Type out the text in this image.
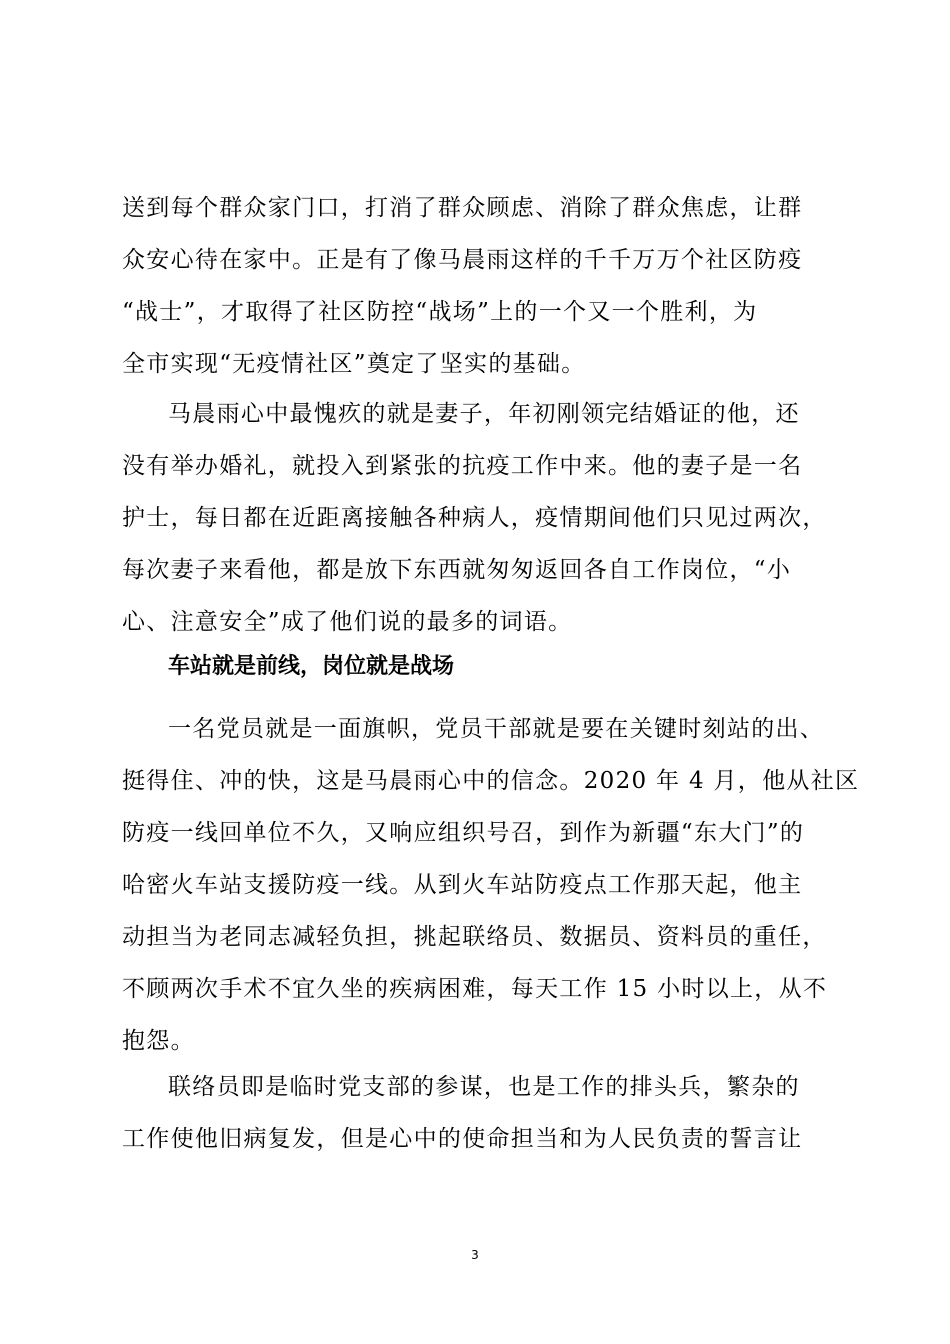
送到每个群众家门口，打消了群众顾虑、消除了群众焦虑，让群
众安心待在家中。正是有了像马晨雨这样的千千万万个社区防疫
“战士”，才取得了社区防控“战场”上的一个又一个胜利，为
全市实现“无疫情社区”奠定了坚实的基础。

马晨雨心中最愧疚的就是妻子，年初刚领完结婚证的他，还
没有举办婚礼，就投入到紧张的抗疫工作中来。他的妻子是一名
护士，每日都在近距离接触各种病人，疫情期间他们只见过两次，
每次妻子来看他，都是放下东西就匆匆返回各自工作岗位，“小
心、注意安全”成了他们说的最多的词语。

车站就是前线，岗位就是战场

一名党员就是一面旗帜，党员干部就是要在关键时刻站的出、
挺得住、冲的快，这是马晨雨心中的信念。2020 年 4 月，他从社区
防疫一线回单位不久，又响应组织号召，到作为新疆“东大门”的
哈密火车站支援防疫一线。从到火车站防疫点工作那天起，他主
动担当为老同志减轻负担，挑起联络员、数据员、资料员的重任，
不顾两次手术不宜久坐的疾病困难，每天工作 15 小时以上，从不
抱怨。

联络员即是临时党支部的参谋，也是工作的排头兵，繁杂的
工作使他旧病复发，但是心中的使命担当和为人民负责的誓言让

3
